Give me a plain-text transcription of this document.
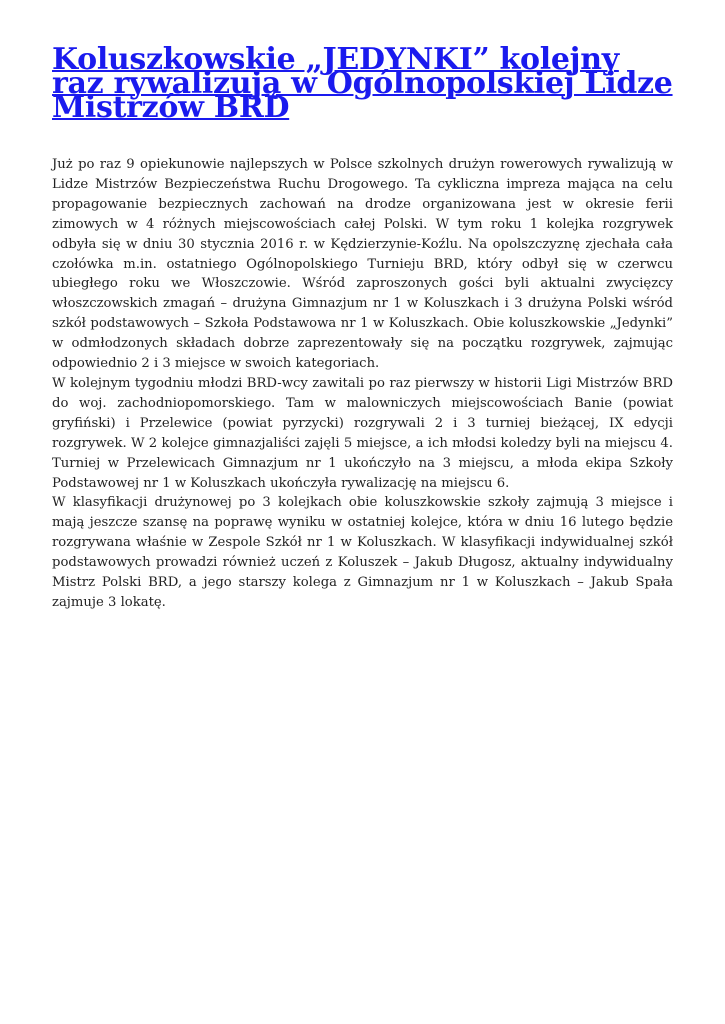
Koluszkowskie „JEDYNKI” kolejny raz rywalizują w Ogólnopolskiej Lidze Mistrzów BRD

Już po raz 9 opiekunowie najlepszych w Polsce szkolnych drużyn rowerowych rywalizują w Lidze Mistrzów Bezpieczeństwa Ruchu Drogowego. Ta cykliczna impreza mająca na celu propagowanie bezpiecznych zachowań na drodze organizowana jest w okresie ferii zimowych w 4 różnych miejscowościach całej Polski. W tym roku 1 kolejka rozgrywek odbyła się w dniu 30 stycznia 2016 r. w Kędzierzynie-Koźlu. Na opolszczyznę zjechała cała czołówka m.in. ostatniego Ogólnopolskiego Turnieju BRD, który odbył się w czerwcu ubiegłego roku we Włoszczowie. Wśród zaproszonych gości byli aktualni zwycięzcy włoszczowskich zmagań – drużyna Gimnazjum nr 1 w Koluszkach i 3 drużyna Polski wśród szkół podstawowych – Szkoła Podstawowa nr 1 w Koluszkach. Obie koluszkowskie „Jedynki” w odmłodzonych składach dobrze zaprezentowały się na początku rozgrywek, zajmując odpowiednio 2 i 3 miejsce w swoich kategoriach.

W kolejnym tygodniu młodzi BRD-wcy zawitali po raz pierwszy w historii Ligi Mistrzów BRD do woj. zachodniopomorskiego. Tam w malowniczych miejscowościach Banie (powiat gryfiński) i Przelewice (powiat pyrzycki) rozgrywali 2 i 3 turniej bieżącej, IX edycji rozgrywek. W 2 kolejce gimnazjaliści zajęli 5 miejsce, a ich młodsi koledzy byli na miejscu 4. Turniej w Przelewicach Gimnazjum nr 1 ukończyło na 3 miejscu, a młoda ekipa Szkoły Podstawowej nr 1 w Koluszkach ukończyła rywalizację na miejscu 6.

W klasyfikacji drużynowej po 3 kolejkach obie koluszkowskie szkoły zajmują 3 miejsce i mają jeszcze szansę na poprawę wyniku w ostatniej kolejce, która w dniu 16 lutego będzie rozgrywana właśnie w Zespole Szkół nr 1 w Koluszkach. W klasyfikacji indywidualnej szkół podstawowych prowadzi również uczeń z Koluszek – Jakub Długosz, aktualny indywidualny Mistrz Polski BRD, a jego starszy kolega z Gimnazjum nr 1 w Koluszkach – Jakub Spała zajmuje 3 lokatę.
